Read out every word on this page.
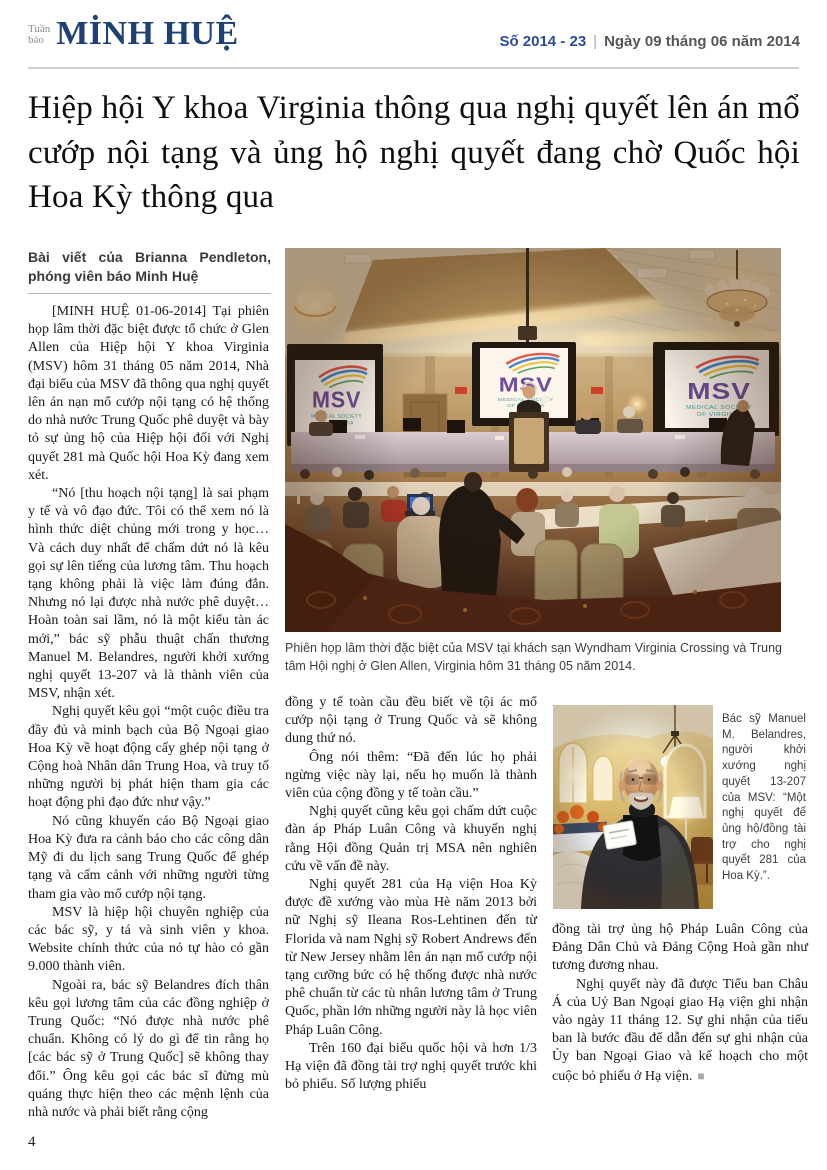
Tuần
báo MİNH HUỆ	Số 2014 - 23 | Ngày 09 tháng 06 năm 2014
Hiệp hội Y khoa Virginia thông qua nghị quyết lên án mổ
cướp nội tạng và ủng hộ nghị quyết đang chờ Quốc hội
Hoa Kỳ thông qua
Bài viết của Brianna Pendleton, phóng viên báo Minh Huệ

[MINH HUỆ 01-06-2014] Tại phiên họp lâm thời đặc biệt được tổ chức ở Glen Allen của Hiệp hội Y khoa Virginia (MSV) hôm 31 tháng 05 năm 2014, Nhà đại biểu của MSV đã thông qua nghị quyết lên án nạn mổ cướp nội tạng có hệ thống do nhà nước Trung Quốc phê duyệt và bày tỏ sự ủng hộ của Hiệp hội đối với Nghị quyết 281 mà Quốc hội Hoa Kỳ đang xem xét.

“Nó [thu hoạch nội tạng] là sai phạm y tế và vô đạo đức. Tôi có thể xem nó là hình thức diệt chủng mới trong y học… Và cách duy nhất để chấm dứt nó là kêu gọi sự lên tiếng của lương tâm. Thu hoạch tạng không phải là việc làm đúng đắn. Nhưng nó lại được nhà nước phê duyệt… Hoàn toàn sai lầm, nó là một kiểu tàn ác mới,” bác sỹ phẫu thuật chấn thương Manuel M. Belandres, người khởi xướng nghị quyết 13-207 và là thành viên của MSV, nhận xét.

Nghị quyết kêu gọi “một cuộc điều tra đầy đủ và minh bạch của Bộ Ngoại giao Hoa Kỳ về hoạt động cấy ghép nội tạng ở Cộng hoà Nhân dân Trung Hoa, và truy tố những người bị phát hiện tham gia các hoạt động phi đạo đức như vậy.”

Nó cũng khuyến cáo Bộ Ngoại giao Hoa Kỳ đưa ra cảnh báo cho các công dân Mỹ đi du lịch sang Trung Quốc để ghép tạng và cấm cảnh với những người từng tham gia vào mổ cướp nội tạng.

MSV là hiệp hội chuyên nghiệp của các bác sỹ, y tá và sinh viên y khoa. Website chính thức của nó tự hào có gần 9.000 thành viên.

Ngoài ra, bác sỹ Belandres đích thân kêu gọi lương tâm của các đồng nghiệp ở Trung Quốc: “Nó được nhà nước phê chuẩn. Không có lý do gì để tin rằng họ [các bác sỹ ở Trung Quốc] sẽ không thay đổi.” Ông kêu gọi các bác sĩ đừng mù quáng thực hiện theo các mệnh lệnh của nhà nước và phải biết rằng cộng

Phiên họp lâm thời đặc biệt của MSV tại khách sạn Wyndham Virginia Crossing và Trung tâm Hội nghị ở Glen Allen, Virginia hôm 31 tháng 05 năm 2014.

đồng y tế toàn cầu đều biết về tội ác mổ cướp nội tạng ở Trung Quốc và sẽ không dung thứ nó.

Ông nói thêm: “Đã đến lúc họ phải ngừng việc này lại, nếu họ muốn là thành viên của cộng đồng y tế toàn cầu.”

Nghị quyết cũng kêu gọi chấm dứt cuộc đàn áp Pháp Luân Công và khuyến nghị rằng Hội đồng Quản trị MSA nên nghiên cứu về vấn đề này.

Nghị quyết 281 của Hạ viện Hoa Kỳ được đề xướng vào mùa Hè năm 2013 bởi nữ Nghị sỹ Ileana Ros-Lehtinen đến từ Florida và nam Nghị sỹ Robert Andrews đến từ New Jersey nhằm lên án nạn mổ cướp nội tạng cưỡng bức có hệ thống được nhà nước phê chuẩn từ các tù nhân lương tâm ở Trung Quốc, phần lớn những người này là học viên Pháp Luân Công.

Trên 160 đại biểu quốc hội và hơn 1/3 Hạ viện đã đồng tài trợ nghị quyết trước khi bỏ phiếu. Số lượng phiếu

Bác sỹ Manuel M. Belandres, người khởi xướng nghị quyết 13-207 của MSV: “Một nghị quyết để ủng hộ/đồng tài trợ cho nghị quyết 281 của Hoa Kỳ.”.

đồng tài trợ ủng hộ Pháp Luân Công của Đảng Dân Chủ và Đảng Cộng Hoà gần như tương đương nhau.

Nghị quyết này đã được Tiểu ban Châu Á của Uỷ Ban Ngoại giao Hạ viện ghi nhận vào ngày 11 tháng 12. Sự ghi nhận của tiểu ban là bước đầu để dẫn đến sự ghi nhận của Ủy ban Ngoại Giao và kế hoạch cho một cuộc bỏ phiếu ở Hạ viện. ■

4
